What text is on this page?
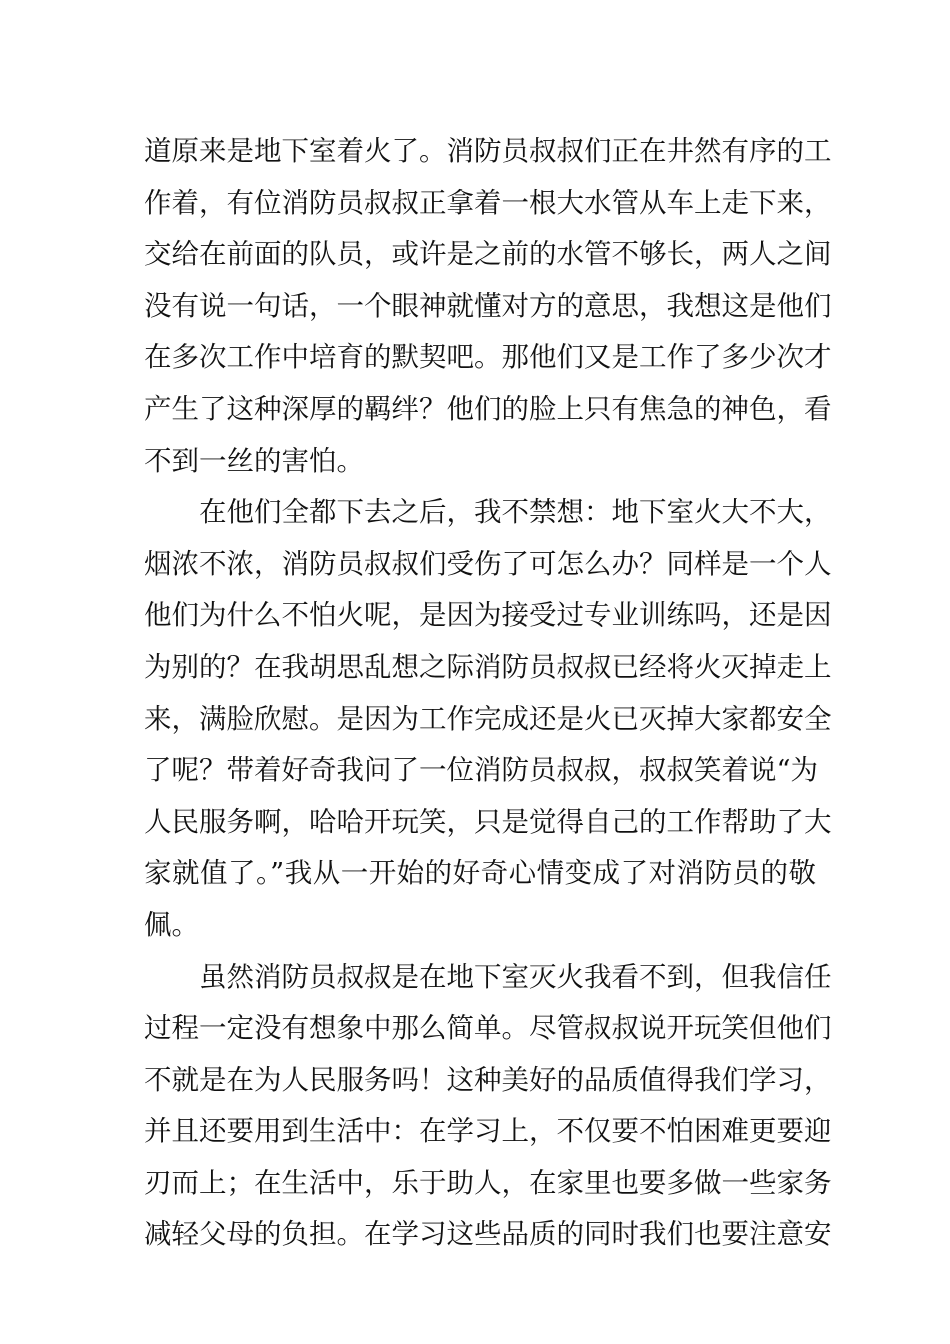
道原来是地下室着火了。消防员叔叔们正在井然有序的工
作着，有位消防员叔叔正拿着一根大水管从车上走下来，
交给在前面的队员，或许是之前的水管不够长，两人之间
没有说一句话，一个眼神就懂对方的意思，我想这是他们
在多次工作中培育的默契吧。那他们又是工作了多少次才
产生了这种深厚的羁绊？他们的脸上只有焦急的神色，看
不到一丝的害怕。
在他们全都下去之后，我不禁想：地下室火大不大，
烟浓不浓，消防员叔叔们受伤了可怎么办？同样是一个人
他们为什么不怕火呢，是因为接受过专业训练吗，还是因
为别的？在我胡思乱想之际消防员叔叔已经将火灭掉走上
来，满脸欣慰。是因为工作完成还是火已灭掉大家都安全
了呢？带着好奇我问了一位消防员叔叔，叔叔笑着说“为
人民服务啊，哈哈开玩笑，只是觉得自己的工作帮助了大
家就值了。”我从一开始的好奇心情变成了对消防员的敬
佩。
虽然消防员叔叔是在地下室灭火我看不到，但我信任
过程一定没有想象中那么简单。尽管叔叔说开玩笑但他们
不就是在为人民服务吗！这种美好的品质值得我们学习，
并且还要用到生活中：在学习上，不仅要不怕困难更要迎
刃而上；在生活中，乐于助人，在家里也要多做一些家务
减轻父母的负担。在学习这些品质的同时我们也要注意安
